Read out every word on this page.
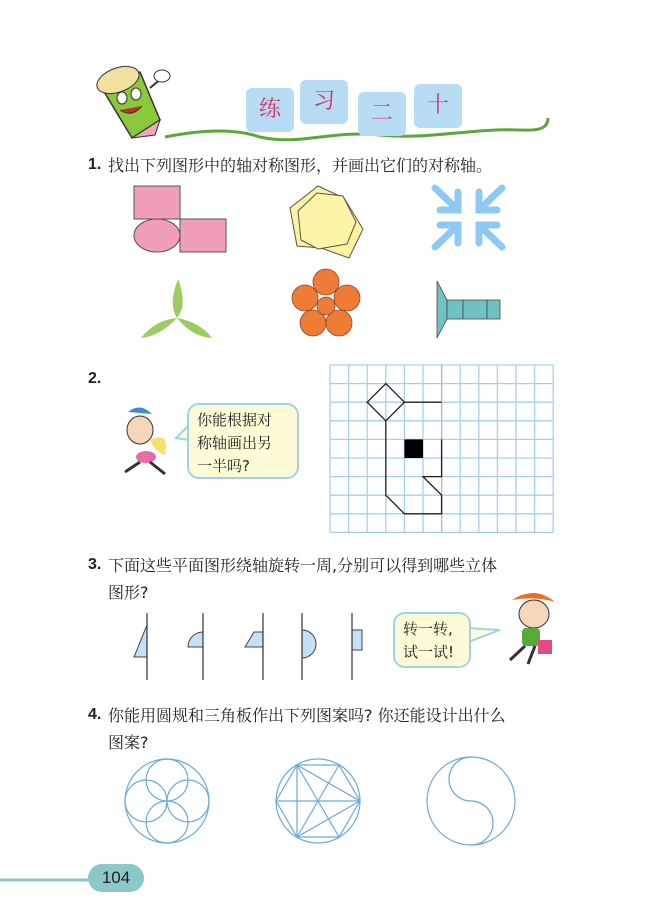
练	习	二	十
1. 找出下列图形中的轴对称图形，并画出它们的对称轴。
2.
你能根据对
称轴画出另
一半吗?
3. 下面这些平面图形绕轴旋转一周,分别可以得到哪些立体
图形?
转一转,
试一试!
4. 你能用圆规和三角板作出下列图案吗? 你还能设计出什么
图案?
104
